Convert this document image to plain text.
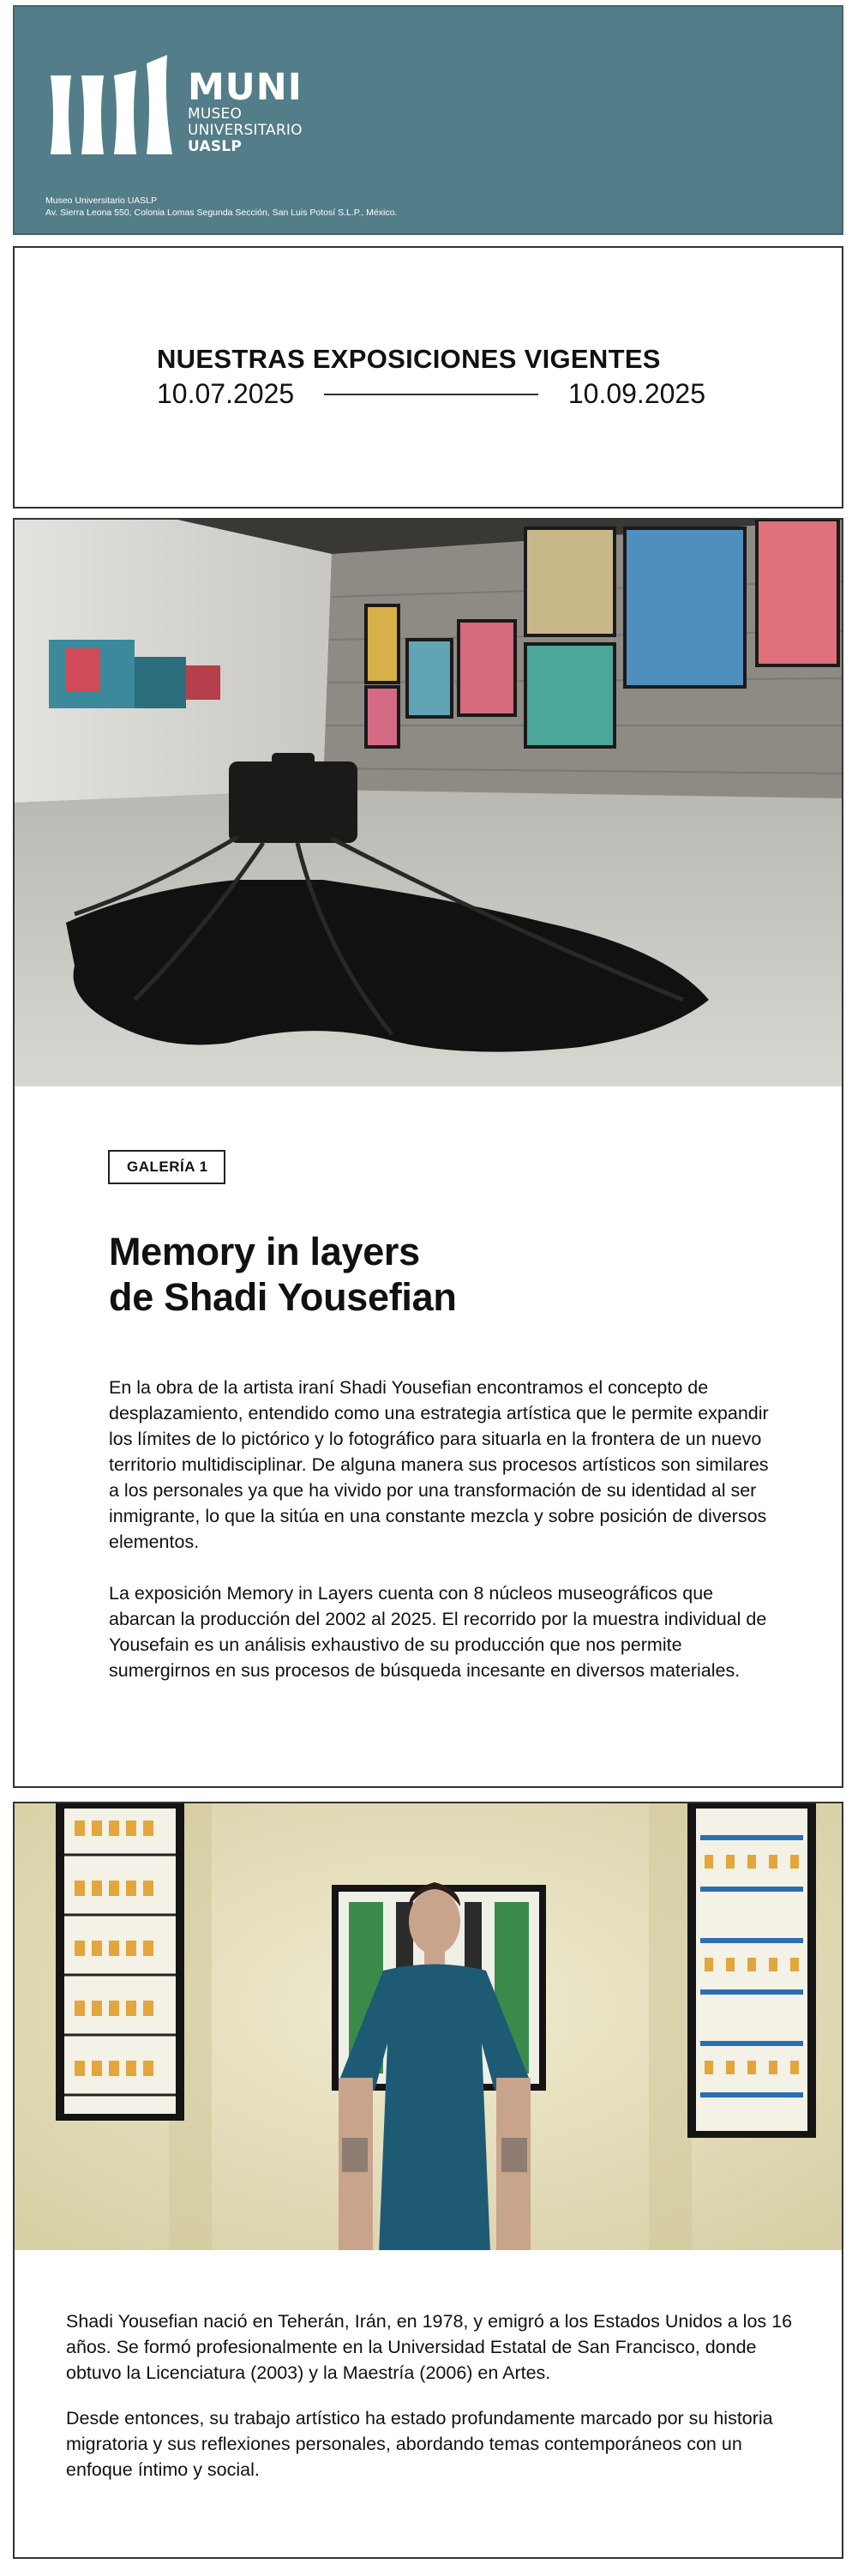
MUNI
MUSEO
UNIVERSITARIO
UASLP
Museo Universitario UASLP
Av. Sierra Leona 550, Colonia Lomas Segunda Sección, San Luis Potosí S.L.P., México.
NUESTRAS EXPOSICIONES VIGENTES
10.07.2025	10.09.2025
GALERÍA 1
Memory in layers
de Shadi Yousefian
En la obra de la artista iraní Shadi Yousefian encontramos el concepto de desplazamiento, entendido como una estrategia artística que le permite expandir los límites de lo pictórico y lo fotográfico para situarla en la frontera de un nuevo territorio multidisciplinar. De alguna manera sus procesos artísticos son similares a los personales ya que ha vivido por una transformación de su identidad al ser inmigrante, lo que la sitúa en una constante mezcla y sobre posición de diversos elementos.
La exposición Memory in Layers cuenta con 8 núcleos museográficos que abarcan la producción del 2002 al 2025. El recorrido por la muestra individual de Yousefain es un análisis exhaustivo de su producción que nos permite sumergirnos en sus procesos de búsqueda incesante en diversos materiales.
Shadi Yousefian nació en Teherán, Irán, en 1978, y emigró a los Estados Unidos a los 16 años. Se formó profesionalmente en la Universidad Estatal de San Francisco, donde obtuvo la Licenciatura (2003) y la Maestría (2006) en Artes.
Desde entonces, su trabajo artístico ha estado profundamente marcado por su historia migratoria y sus reflexiones personales, abordando temas contemporáneos con un enfoque íntimo y social.
